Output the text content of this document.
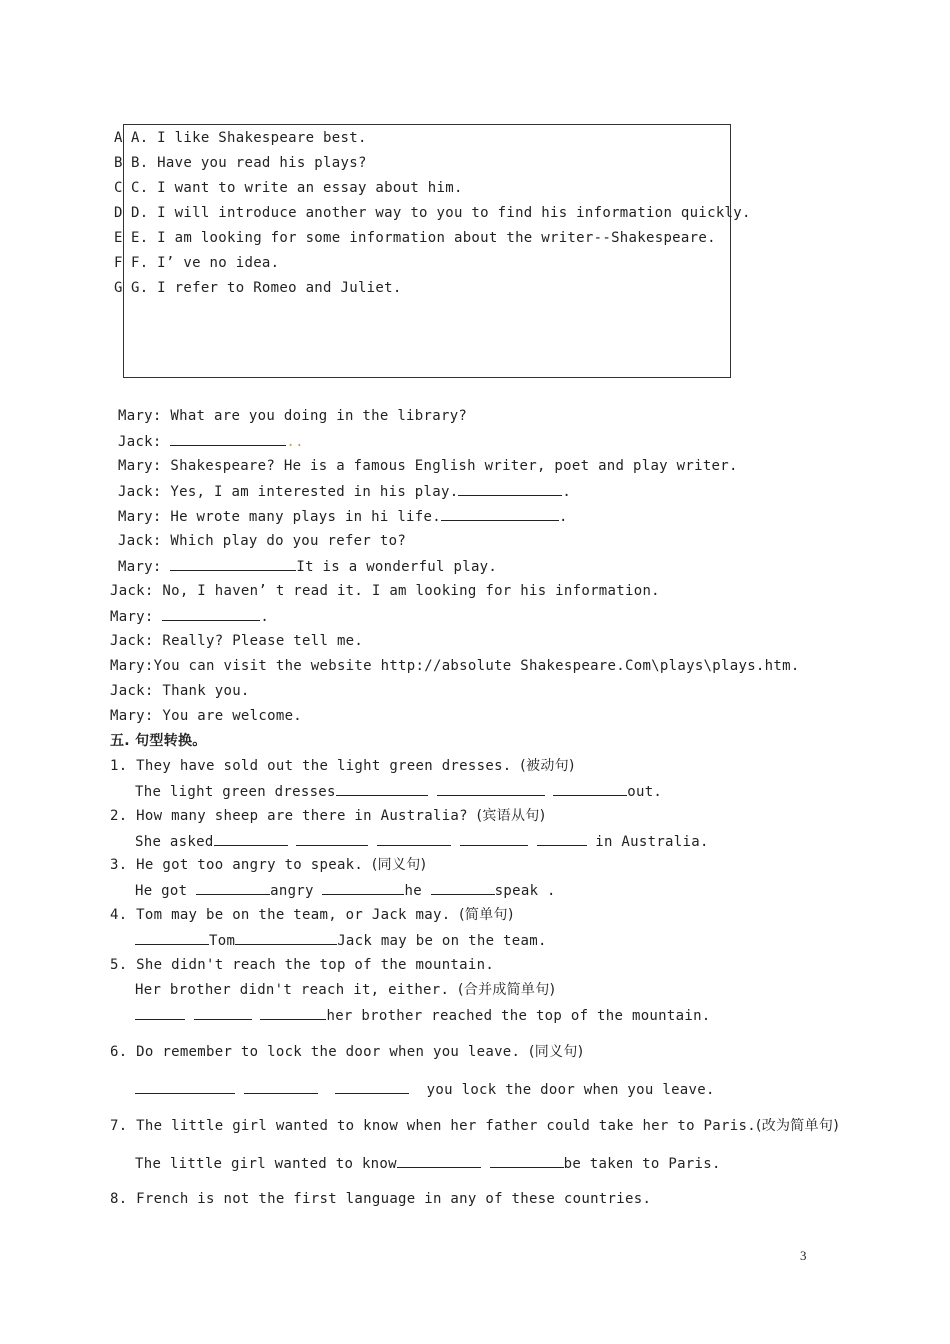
A
B
C
D
E
F
G
A. I like Shakespeare best.
B. Have you read his plays?
C. I want to write an essay about him.
D. I will introduce another way to you to find his information quickly.
E. I am looking for some information about the writer--Shakespeare.
F. I’ ve no idea.
G. I refer to Romeo and Juliet.
Mary: What are you doing in the library?
Jack:	..
Mary: Shakespeare? He is a famous English writer, poet and play writer.
Jack: Yes, I am interested in his play.	.
Mary: He wrote many plays in hi life.	.
Jack: Which play do you refer to?
Mary:	It is a wonderful play.
Jack: No, I haven’ t read it. I am looking for his information.
Mary:	.
Jack: Really? Please tell me.
Mary:You can visit the website http://absolute Shakespeare.Com\plays\plays.htm.
Jack: Thank you.
Mary: You are welcome.
五. 句型转换。
1. They have sold out the light green dresses. (被动句)
The light green dresses	out.
2. How many sheep are there in Australia? (宾语从句)
She asked	in Australia.
3. He got too angry to speak. (同义句)
He got	angry	he	speak .
4. Tom may be on the team, or Jack may. (简单句)
Tom	Jack may be on the team.
5. She didn't reach the top of the mountain.
Her brother didn't reach it, either. (合并成简单句)
her brother reached the top of the mountain.
6. Do remember to lock the door when you leave. (同义句)
you lock the door when you leave.
7. The little girl wanted to know when her father could take her to Paris.(改为简单句)
The little girl wanted to know	be taken to Paris.
8. French is not the first language in any of these countries.
3
